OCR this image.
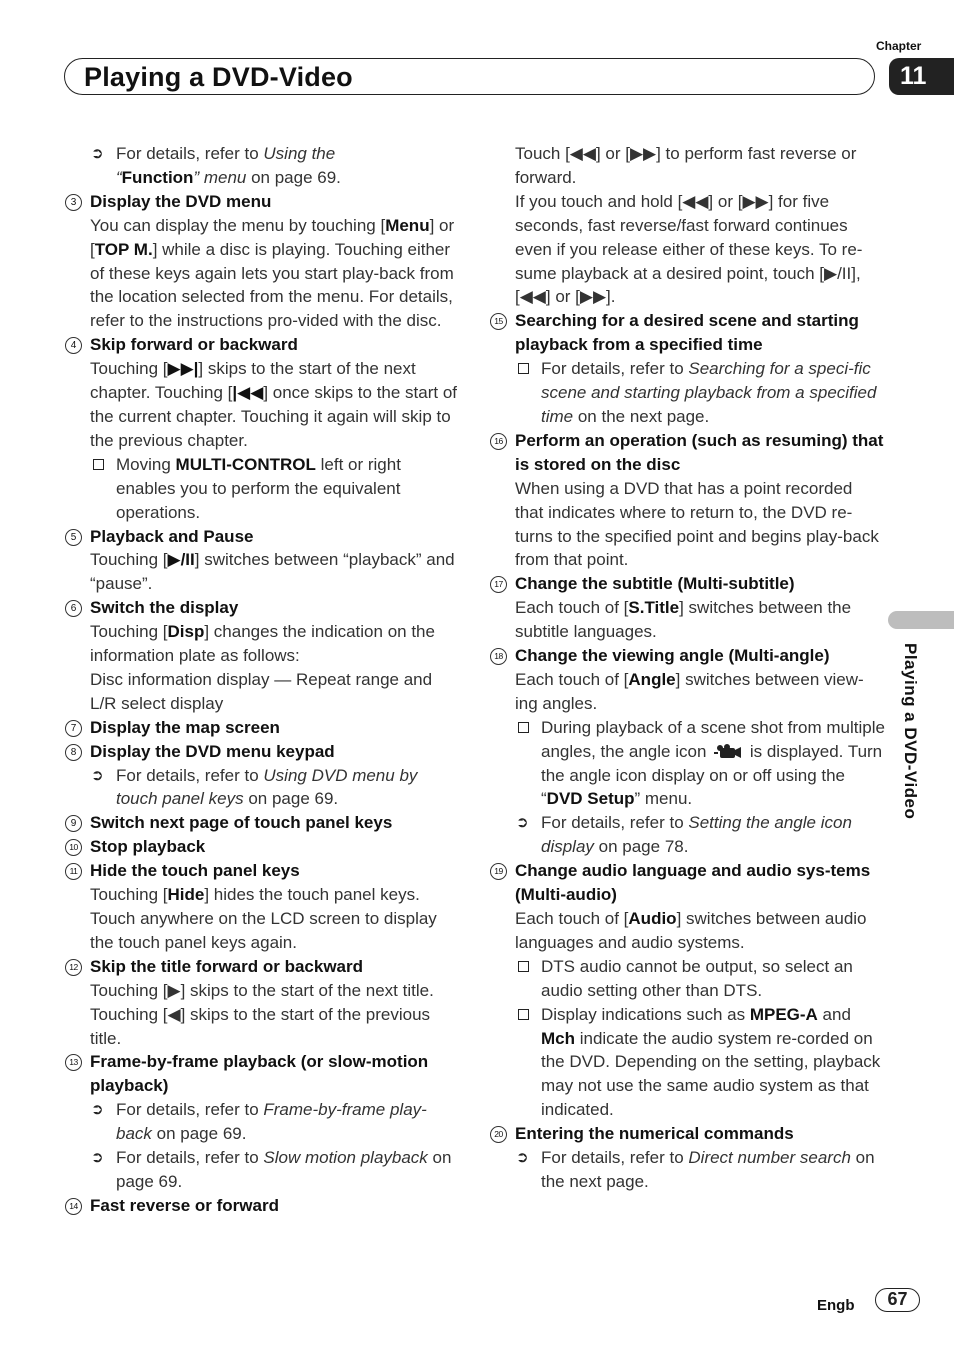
Chapter
Playing a DVD-Video	11
Playing a DVD-Video
➲ For details, refer to Using the
“Function” menu on page 69.
3 Display the DVD menu
You can display the menu by touching [Menu] or [TOP M.] while a disc is playing. Touching either of these keys again lets you start play-back from the location selected from the menu. For details, refer to the instructions pro-vided with the disc.
4 Skip forward or backward
Touching [▶▶|] skips to the start of the next chapter. Touching [|◀◀] once skips to the start of the current chapter. Touching it again will skip to the previous chapter.
Moving MULTI-CONTROL left or right enables you to perform the equivalent operations.
5 Playback and Pause
Touching [▶/II] switches between “playback” and “pause”.
6 Switch the display
Touching [Disp] changes the indication on the information plate as follows:
Disc information display — Repeat range and L/R select display
7 Display the map screen
8 Display the DVD menu keypad
➲ For details, refer to Using DVD menu by touch panel keys on page 69.
9 Switch next page of touch panel keys
10 Stop playback
11 Hide the touch panel keys
Touching [Hide] hides the touch panel keys. Touch anywhere on the LCD screen to display the touch panel keys again.
12 Skip the title forward or backward
Touching [▶] skips to the start of the next title. Touching [◀] skips to the start of the previous title.
13 Frame-by-frame playback (or slow-motion playback)
➲ For details, refer to Frame-by-frame play-back on page 69.
➲ For details, refer to Slow motion playback on page 69.
14 Fast reverse or forward
Touch [◀◀] or [▶▶] to perform fast reverse or forward.
If you touch and hold [◀◀] or [▶▶] for five seconds, fast reverse/fast forward continues even if you release either of these keys. To re-sume playback at a desired point, touch [▶/II], [◀◀] or [▶▶].
15 Searching for a desired scene and starting playback from a specified time
For details, refer to Searching for a speci-fic scene and starting playback from a specified time on the next page.
16 Perform an operation (such as resuming) that is stored on the disc
When using a DVD that has a point recorded that indicates where to return to, the DVD re-turns to the specified point and begins play-back from that point.
17 Change the subtitle (Multi-subtitle)
Each touch of [S.Title] switches between the subtitle languages.
18 Change the viewing angle (Multi-angle)
Each touch of [Angle] switches between view-ing angles.
During playback of a scene shot from multiple angles, the angle icon  is displayed. Turn the angle icon display on or off using the “DVD Setup” menu.
➲ For details, refer to Setting the angle icon display on page 78.
19 Change audio language and audio sys-tems (Multi-audio)
Each touch of [Audio] switches between audio languages and audio systems.
DTS audio cannot be output, so select an audio setting other than DTS.
Display indications such as MPEG-A and Mch indicate the audio system re-corded on the DVD. Depending on the setting, playback may not use the same audio system as that indicated.
20 Entering the numerical commands
➲ For details, refer to Direct number search on the next page.
Engb	67
